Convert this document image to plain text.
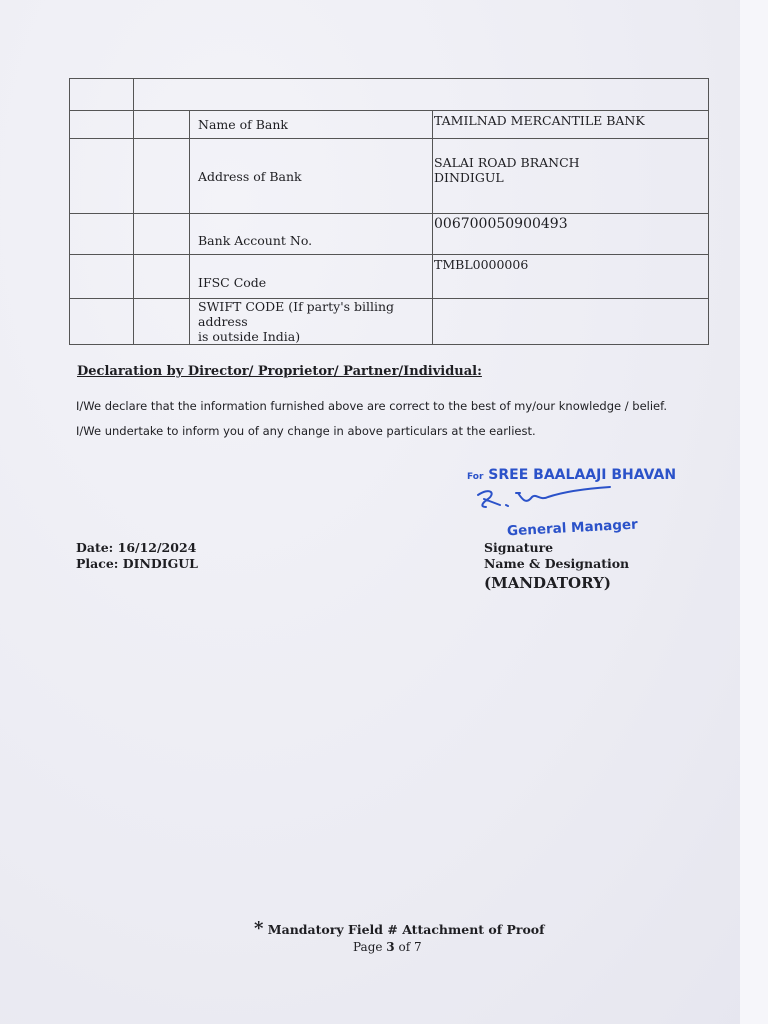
		Name of Bank	TAMILNAD MERCANTILE BANK
		Address of Bank	SALAI ROAD BRANCH
DINDIGUL

		Bank Account No.	006700050900493
		IFSC Code	TMBL0000006

		SWIFT CODE (If party's billing address
is outside India)	

Declaration by Director/ Proprietor/ Partner/Individual:
I/We declare that the information furnished above are correct to the best of my/our knowledge / belief.
I/We undertake to inform you of any change in above particulars at the earliest.
For SREE BAALAAJI BHAVAN
General Manager
Date: 16/12/2024
Place: DINDIGUL
Signature
Name & Designation
(MANDATORY)
* Mandatory Field # Attachment of Proof
Page 3 of 7
